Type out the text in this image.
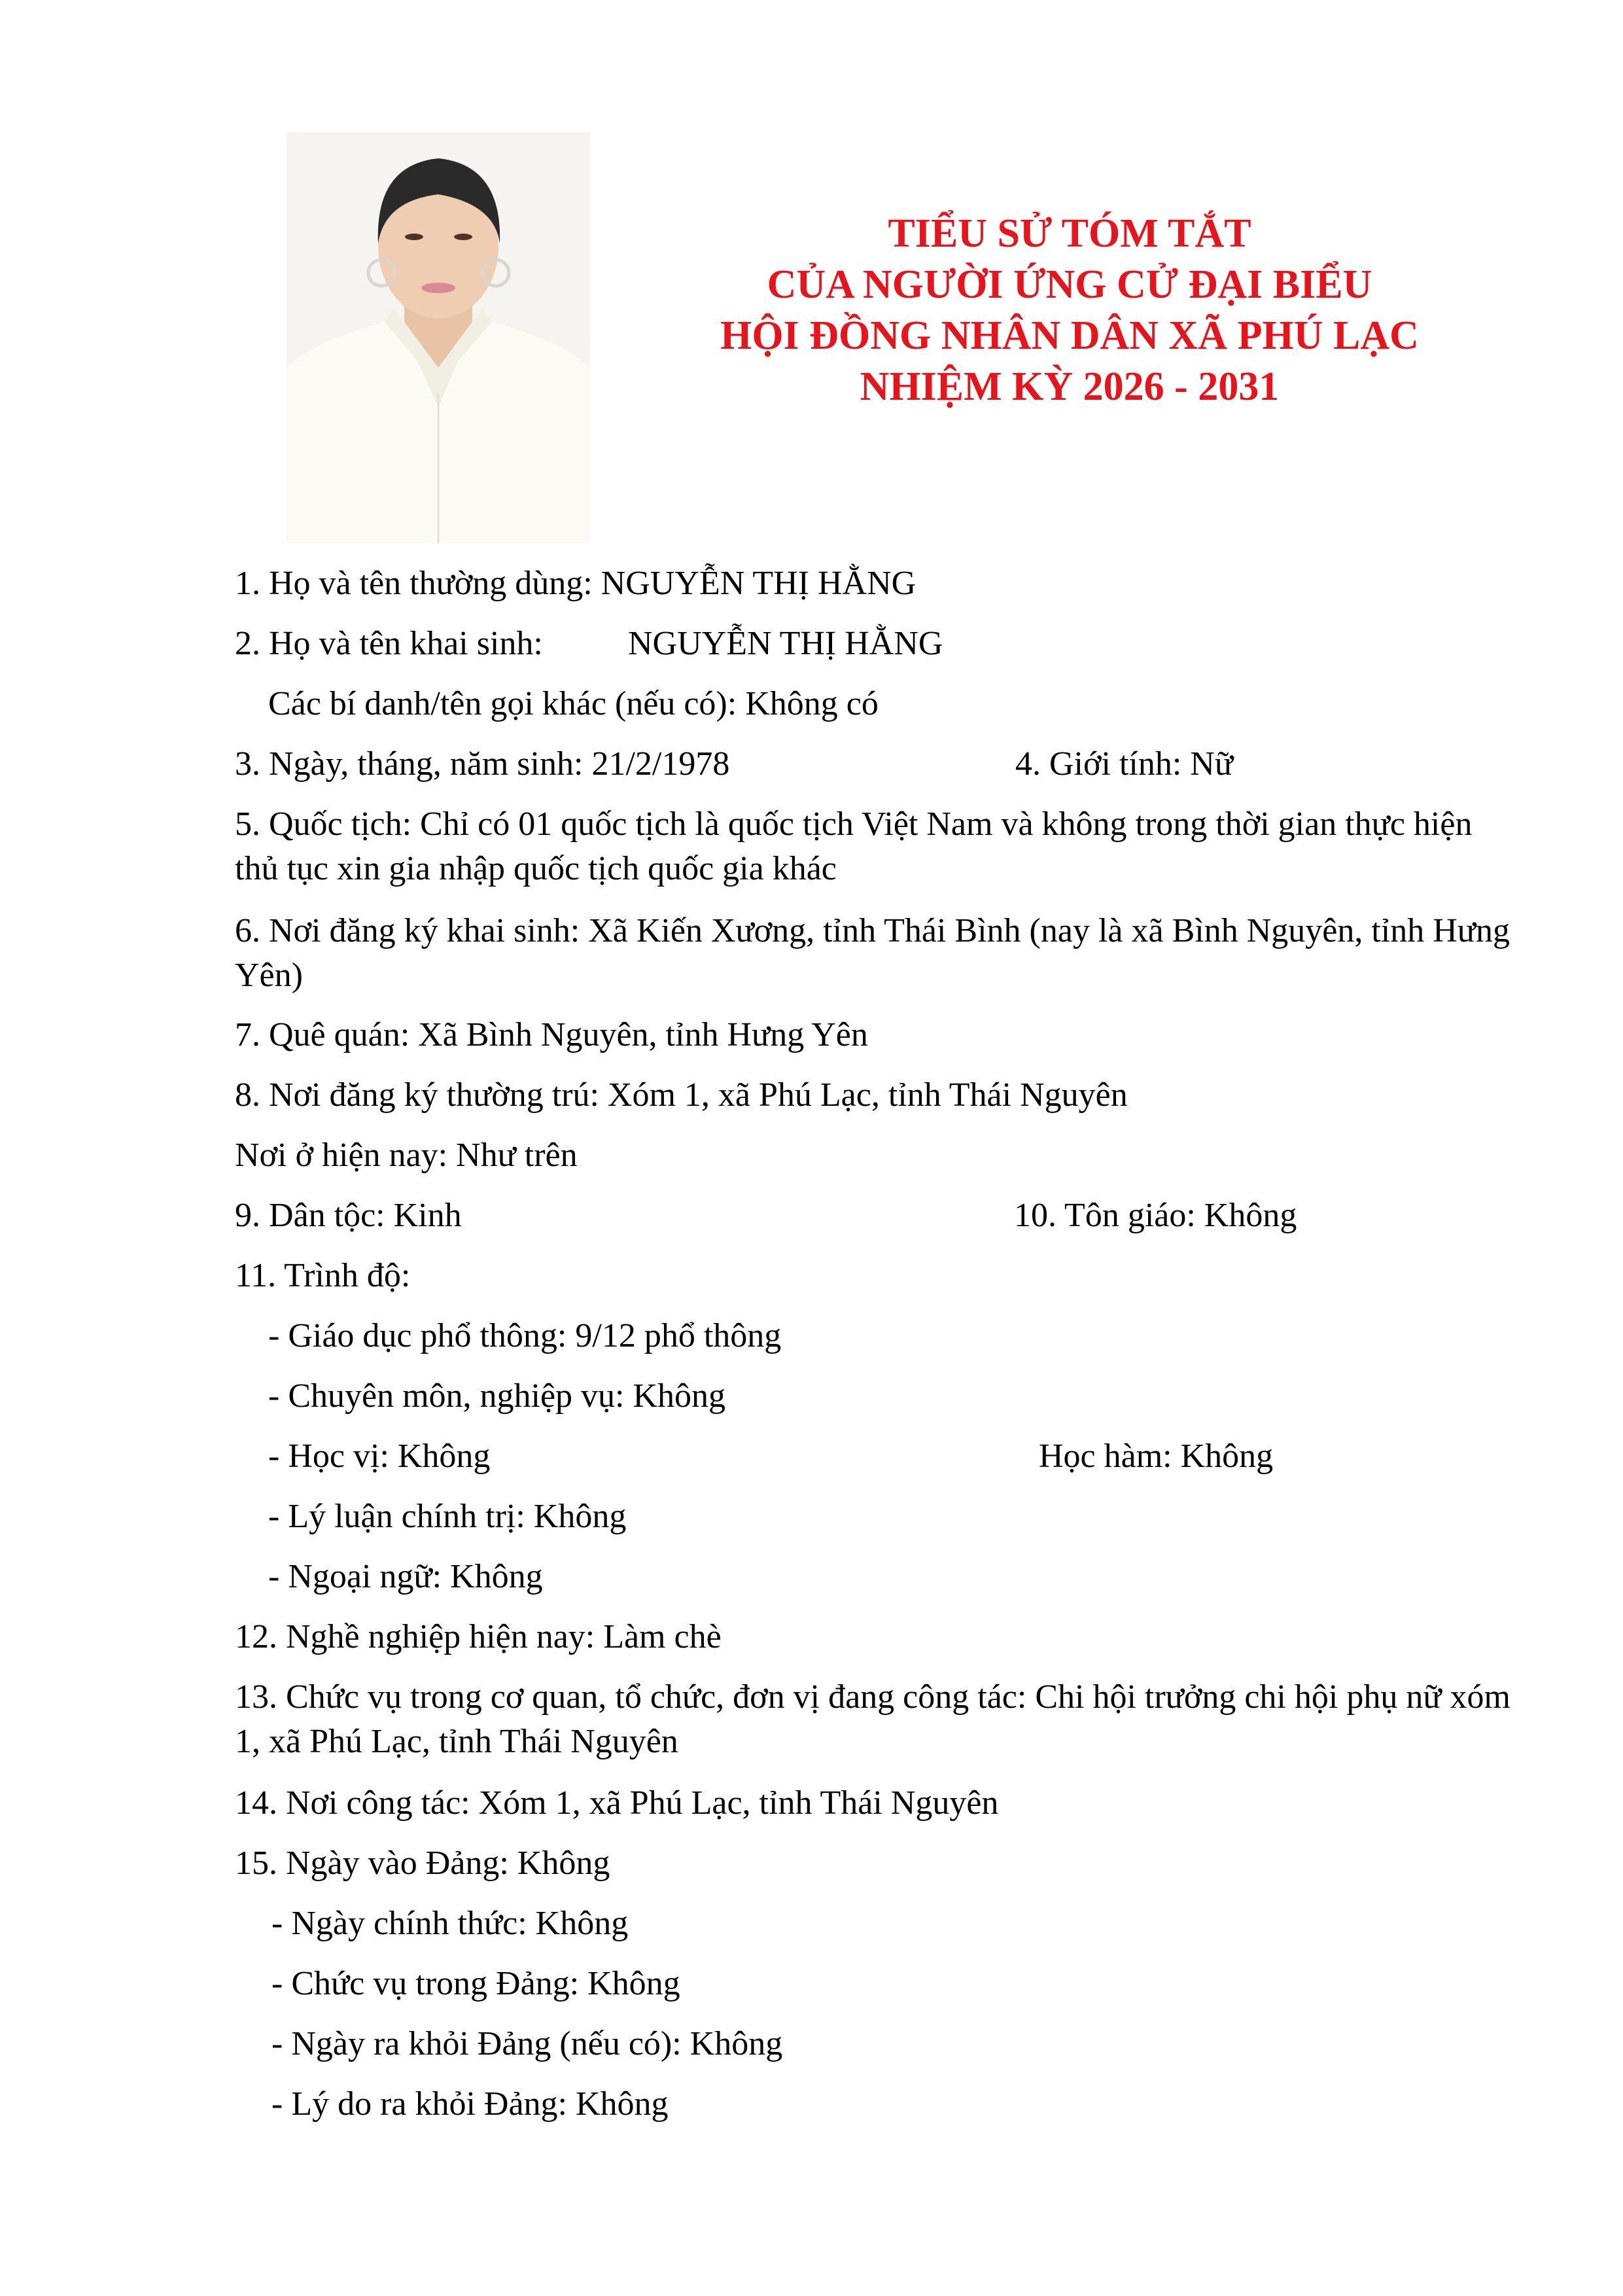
TIỂU SỬ TÓM TẮT
CỦA NGƯỜI ỨNG CỬ ĐẠI BIỂU
HỘI ĐỒNG NHÂN DÂN XÃ PHÚ LẠC
NHIỆM KỲ 2026 - 2031
1. Họ và tên thường dùng: NGUYỄN THỊ HẰNG
2. Họ và tên khai sinh:	NGUYỄN THỊ HẰNG
Các bí danh/tên gọi khác (nếu có): Không có
3. Ngày, tháng, năm sinh: 21/2/1978	4. Giới tính: Nữ
5. Quốc tịch: Chỉ có 01 quốc tịch là quốc tịch Việt Nam và không trong thời gian thực hiện thủ tục xin gia nhập quốc tịch quốc gia khác
6. Nơi đăng ký khai sinh: Xã Kiến Xương, tỉnh Thái Bình (nay là xã Bình Nguyên, tỉnh Hưng Yên)
7. Quê quán: Xã Bình Nguyên, tỉnh Hưng Yên
8. Nơi đăng ký thường trú: Xóm 1, xã Phú Lạc, tỉnh Thái Nguyên
Nơi ở hiện nay: Như trên
9. Dân tộc: Kinh	10. Tôn giáo: Không
11. Trình độ:
- Giáo dục phổ thông: 9/12 phổ thông
- Chuyên môn, nghiệp vụ: Không
- Học vị: Không	Học hàm: Không
- Lý luận chính trị: Không
- Ngoại ngữ: Không
12. Nghề nghiệp hiện nay: Làm chè
13. Chức vụ trong cơ quan, tổ chức, đơn vị đang công tác: Chi hội trưởng chi hội phụ nữ xóm 1, xã Phú Lạc, tỉnh Thái Nguyên
14. Nơi công tác: Xóm 1, xã Phú Lạc, tỉnh Thái Nguyên
15. Ngày vào Đảng: Không
- Ngày chính thức: Không
- Chức vụ trong Đảng: Không
- Ngày ra khỏi Đảng (nếu có): Không
- Lý do ra khỏi Đảng: Không
